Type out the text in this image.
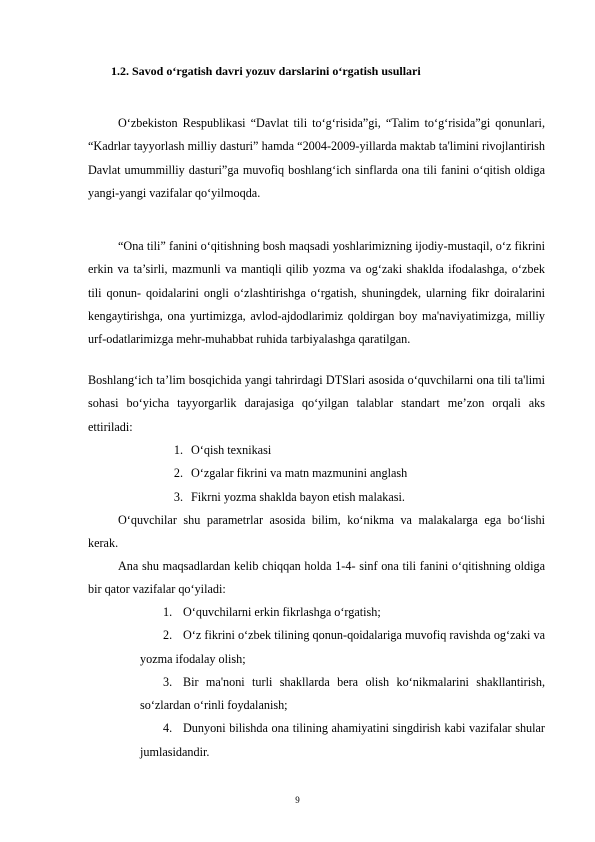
1.2. Savod o‘rgatish davri yozuv darslarini o‘rgatish usullari

O‘zbekiston Respublikasi “Davlat tili to‘g‘risida”gi, “Talim to‘g‘risida”gi qonunlari, “Kadrlar tayyorlash milliy dasturi” hamda “2004-2009-yillarda maktab ta'limini rivojlantirish Davlat umummilliy dasturi”ga muvofiq boshlang‘ich sinflarda ona tili fanini o‘qitish oldiga yangi-yangi vazifalar qo‘yilmoqda.

“Ona tili” fanini o‘qitishning bosh maqsadi yoshlarimizning ijodiy-mustaqil, o‘z fikrini erkin va ta’sirli, mazmunli va mantiqli qilib yozma va og‘zaki shaklda ifodalashga, o‘zbek tili qonun- qoidalarini ongli o‘zlashtirishga o‘rgatish, shuningdek, ularning fikr doiralarini kengaytirishga, ona yurtimizga, avlod-ajdodlarimiz qoldirgan boy ma'naviyatimizga, milliy urf-odatlarimizga mehr-muhabbat ruhida tarbiyalashga qaratilgan.

Boshlang‘ich ta’lim bosqichida yangi tahrirdagi DTSlari asosida o‘quvchilarni ona tili ta'limi sohasi bo‘yicha tayyorgarlik darajasiga qo‘yilgan talablar standart me’zon orqali aks ettiriladi:

1. O‘qish texnikasi
2. O‘zgalar fikrini va matn mazmunini anglash
3. Fikrni yozma shaklda bayon etish malakasi.

O‘quvchilar shu parametrlar asosida bilim, ko‘nikma va malakalarga ega bo‘lishi kerak.

Ana shu maqsadlardan kelib chiqqan holda 1-4- sinf ona tili fanini o‘qitishning oldiga bir qator vazifalar qo‘yiladi:

1. O‘quvchilarni erkin fikrlashga o‘rgatish;
2. O‘z fikrini o‘zbek tilining qonun-qoidalariga muvofiq ravishda og‘zaki va yozma ifodalay olish;
3. Bir ma'noni turli shakllarda bera olish ko‘nikmalarini shakllantirish, so‘zlardan o‘rinli foydalanish;
4. Dunyoni bilishda ona tilining ahamiyatini singdirish kabi vazifalar shular jumlasidandir.
9
